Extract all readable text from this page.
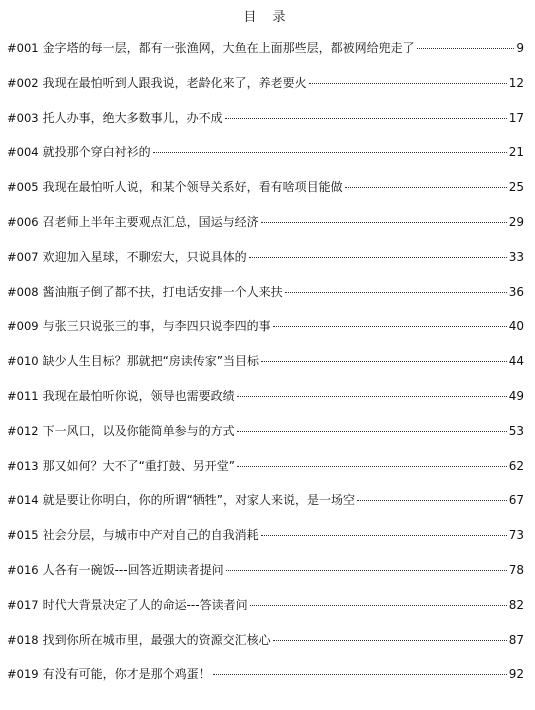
目 录
#001 金字塔的每一层，都有一张渔网，大鱼在上面那些层，都被网给兜走了	9
#002 我现在最怕听到人跟我说，老龄化来了，养老要火	12
#003 托人办事，绝大多数事儿，办不成	17
#004 就投那个穿白衬衫的	21
#005 我现在最怕听人说，和某个领导关系好，看有啥项目能做	25
#006 召老师上半年主要观点汇总，国运与经济	29
#007 欢迎加入星球，不聊宏大，只说具体的	33
#008 酱油瓶子倒了都不扶，打电话安排一个人来扶	36
#009 与张三只说张三的事，与李四只说李四的事	40
#010 缺少人生目标？那就把“房读传家”当目标	44
#011 我现在最怕听你说，领导也需要政绩	49
#012 下一风口，以及你能简单参与的方式	53
#013 那又如何？大不了“重打鼓、另开堂”	62
#014 就是要让你明白，你的所谓“牺牲”，对家人来说，是一场空	67
#015 社会分层，与城市中产对自己的自我消耗	73
#016 人各有一碗饭---回答近期读者提问	78
#017 时代大背景决定了人的命运---答读者问	82
#018 找到你所在城市里，最强大的资源交汇核心	87
#019 有没有可能，你才是那个鸡蛋！	92
